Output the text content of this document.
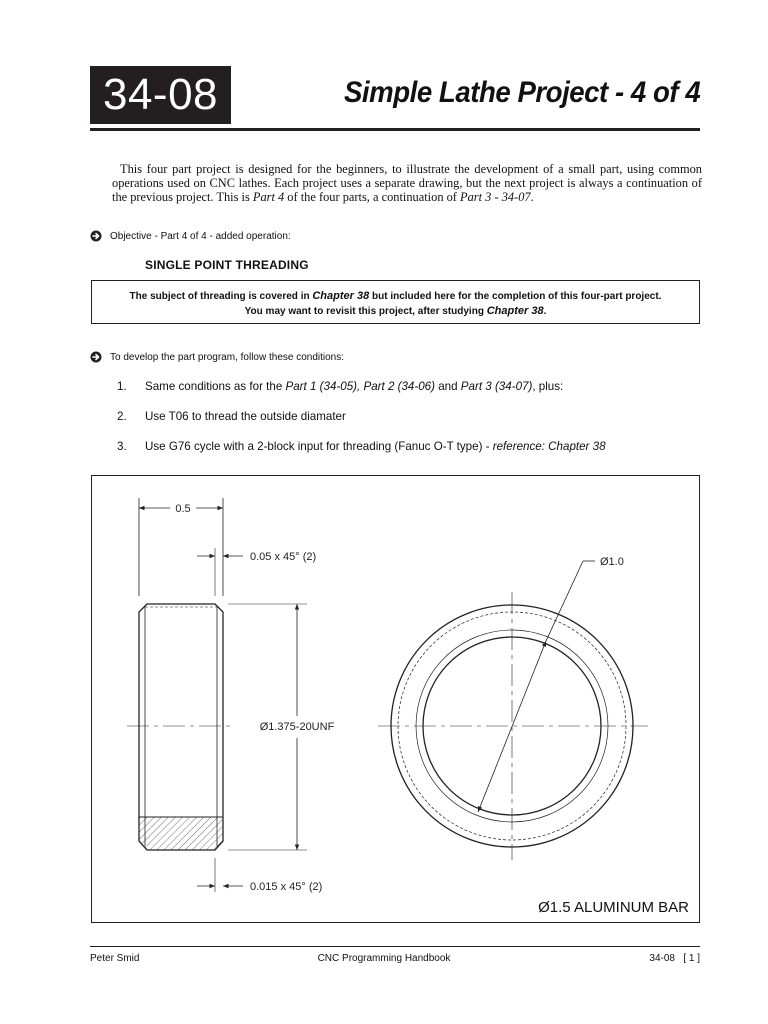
34-08	Simple Lathe Project - 4 of 4

This four part project is designed for the beginners, to illustrate the development of a small part, using common operations used on CNC lathes. Each project uses a separate drawing, but the next project is always a continuation of the previous project. This is Part 4 of the four parts, a continuation of Part 3 - 34-07.

Objective - Part 4 of 4 - added operation:
SINGLE POINT THREADING
The subject of threading is covered in Chapter 38 but included here for the completion of this four-part project.
You may want to revisit this project, after studying Chapter 38.
To develop the part program, follow these conditions:
1.	Same conditions as for the Part 1 (34-05), Part 2 (34-06) and Part 3 (34-07), plus:
2.	Use T06 to thread the outside diamater
3.	Use G76 cycle with a 2-block input for threading (Fanuc O-T type) - reference: Chapter 38
0.5
0.05 x 45° (2)
Ø1.375-20UNF
0.015 x 45° (2)
Ø1.0
Ø1.5 ALUMINUM BAR
Peter Smid	CNC Programming Handbook	34-08 [ 1 ]
